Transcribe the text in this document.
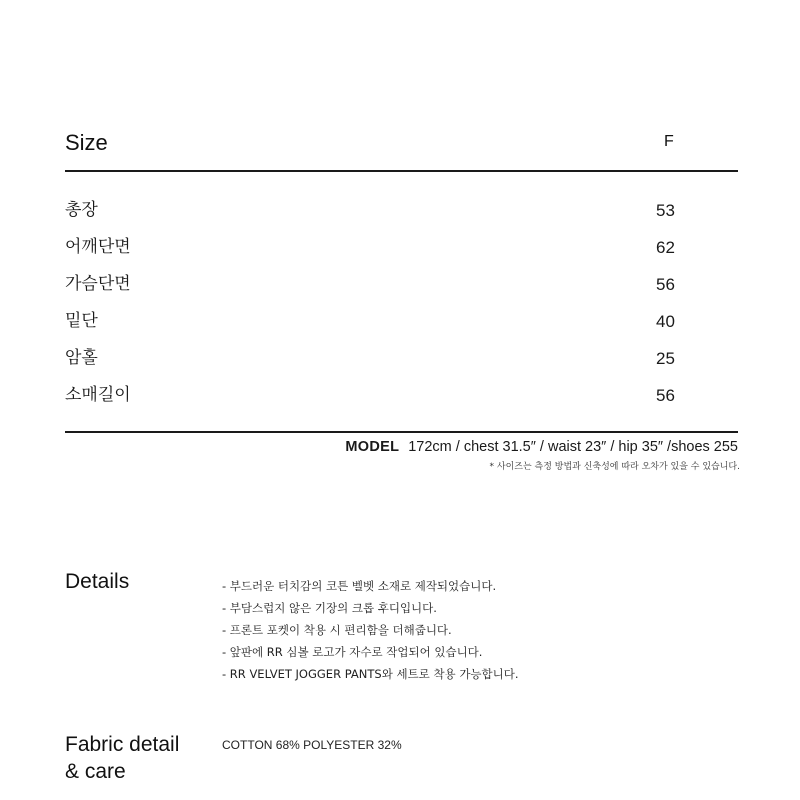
Size	F
총장	53
어깨단면	62
가슴단면	56
밑단	40
암홀	25
소매길이	56
MODEL 172cm / chest 31.5″ / waist 23″ / hip 35″ /shoes 255
* 사이즈는 측정 방법과 신축성에 따라 오차가 있을 수 있습니다.
Details	- 부드러운 터치감의 코튼 벨벳 소재로 제작되었습니다.
- 부담스럽지 않은 기장의 크롭 후디입니다.
- 프론트 포켓이 착용 시 편리함을 더해줍니다.
- 앞판에 RR 심볼 로고가 자수로 작업되어 있습니다.
- RR VELVET JOGGER PANTS와 세트로 착용 가능합니다.
Fabric detail
& care
COTTON 68% POLYESTER 32%
